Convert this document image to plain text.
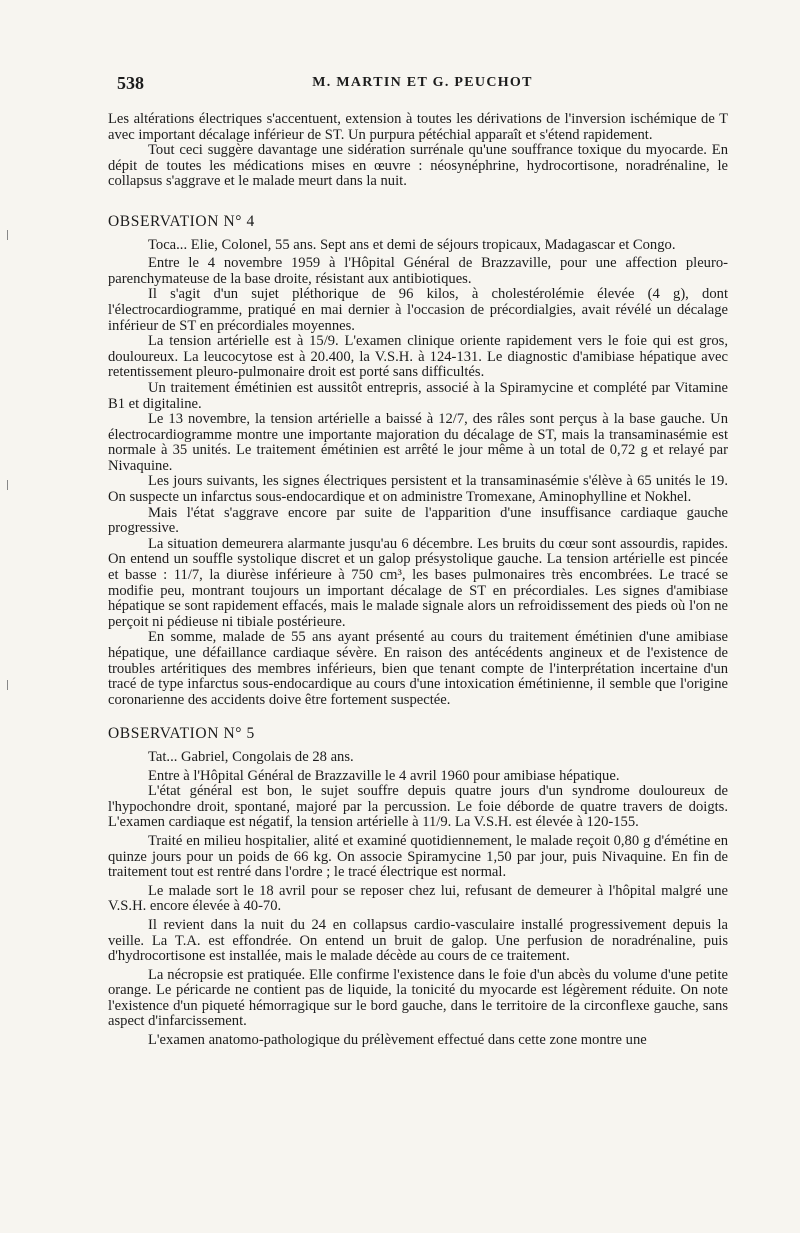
538	M. MARTIN ET G. PEUCHOT

Les altérations électriques s'accentuent, extension à toutes les dérivations de l'inversion ischémique de T avec important décalage inférieur de ST. Un purpura pétéchial apparaît et s'étend rapidement.

Tout ceci suggère davantage une sidération surrénale qu'une souffrance toxique du myocarde. En dépit de toutes les médications mises en œuvre : néosynéphrine, hydrocortisone, noradrénaline, le collapsus s'aggrave et le malade meurt dans la nuit.

OBSERVATION N° 4

Toca... Elie, Colonel, 55 ans. Sept ans et demi de séjours tropicaux, Madagascar et Congo.

Entre le 4 novembre 1959 à l'Hôpital Général de Brazzaville, pour une affection pleuro-parenchymateuse de la base droite, résistant aux antibiotiques.

Il s'agit d'un sujet pléthorique de 96 kilos, à cholestérolémie élevée (4 g), dont l'électrocardiogramme, pratiqué en mai dernier à l'occasion de précordialgies, avait révélé un décalage inférieur de ST en précordiales moyennes.

La tension artérielle est à 15/9. L'examen clinique oriente rapidement vers le foie qui est gros, douloureux. La leucocytose est à 20.400, la V.S.H. à 124-131. Le diagnostic d'amibiase hépatique avec retentissement pleuro-pulmonaire droit est porté sans difficultés.

Un traitement émétinien est aussitôt entrepris, associé à la Spiramycine et complété par Vitamine B1 et digitaline.

Le 13 novembre, la tension artérielle a baissé à 12/7, des râles sont perçus à la base gauche. Un électrocardiogramme montre une importante majoration du décalage de ST, mais la transaminasémie est normale à 35 unités. Le traitement émétinien est arrêté le jour même à un total de 0,72 g et relayé par Nivaquine.

Les jours suivants, les signes électriques persistent et la transaminasémie s'élève à 65 unités le 19. On suspecte un infarctus sous-endocardique et on administre Tromexane, Aminophylline et Nokhel.

Mais l'état s'aggrave encore par suite de l'apparition d'une insuffisance cardiaque gauche progressive.

La situation demeurera alarmante jusqu'au 6 décembre. Les bruits du cœur sont assourdis, rapides. On entend un souffle systolique discret et un galop présystolique gauche. La tension artérielle est pincée et basse : 11/7, la diurèse inférieure à 750 cm³, les bases pulmonaires très encombrées. Le tracé se modifie peu, montrant toujours un important décalage de ST en précordiales. Les signes d'amibiase hépatique se sont rapidement effacés, mais le malade signale alors un refroidissement des pieds où l'on ne perçoit ni pédieuse ni tibiale postérieure.

En somme, malade de 55 ans ayant présenté au cours du traitement émétinien d'une amibiase hépatique, une défaillance cardiaque sévère. En raison des antécédents angineux et de l'existence de troubles artéritiques des membres inférieurs, bien que tenant compte de l'interprétation incertaine d'un tracé de type infarctus sous-endocardique au cours d'une intoxication émétinienne, il semble que l'origine coronarienne des accidents doive être fortement suspectée.

OBSERVATION N° 5

Tat... Gabriel, Congolais de 28 ans.

Entre à l'Hôpital Général de Brazzaville le 4 avril 1960 pour amibiase hépatique.

L'état général est bon, le sujet souffre depuis quatre jours d'un syndrome douloureux de l'hypochondre droit, spontané, majoré par la percussion. Le foie déborde de quatre travers de doigts. L'examen cardiaque est négatif, la tension artérielle à 11/9. La V.S.H. est élevée à 120-155.

Traité en milieu hospitalier, alité et examiné quotidiennement, le malade reçoit 0,80 g d'émétine en quinze jours pour un poids de 66 kg. On associe Spiramycine 1,50 par jour, puis Nivaquine. En fin de traitement tout est rentré dans l'ordre ; le tracé électrique est normal.

Le malade sort le 18 avril pour se reposer chez lui, refusant de demeurer à l'hôpital malgré une V.S.H. encore élevée à 40-70.

Il revient dans la nuit du 24 en collapsus cardio-vasculaire installé progressivement depuis la veille. La T.A. est effondrée. On entend un bruit de galop. Une perfusion de noradrénaline, puis d'hydrocortisone est installée, mais le malade décède au cours de ce traitement.

La nécropsie est pratiquée. Elle confirme l'existence dans le foie d'un abcès du volume d'une petite orange. Le péricarde ne contient pas de liquide, la tonicité du myocarde est légèrement réduite. On note l'existence d'un piqueté hémorragique sur le bord gauche, dans le territoire de la circonflexe gauche, sans aspect d'infarcissement.

L'examen anatomo-pathologique du prélèvement effectué dans cette zone montre une
